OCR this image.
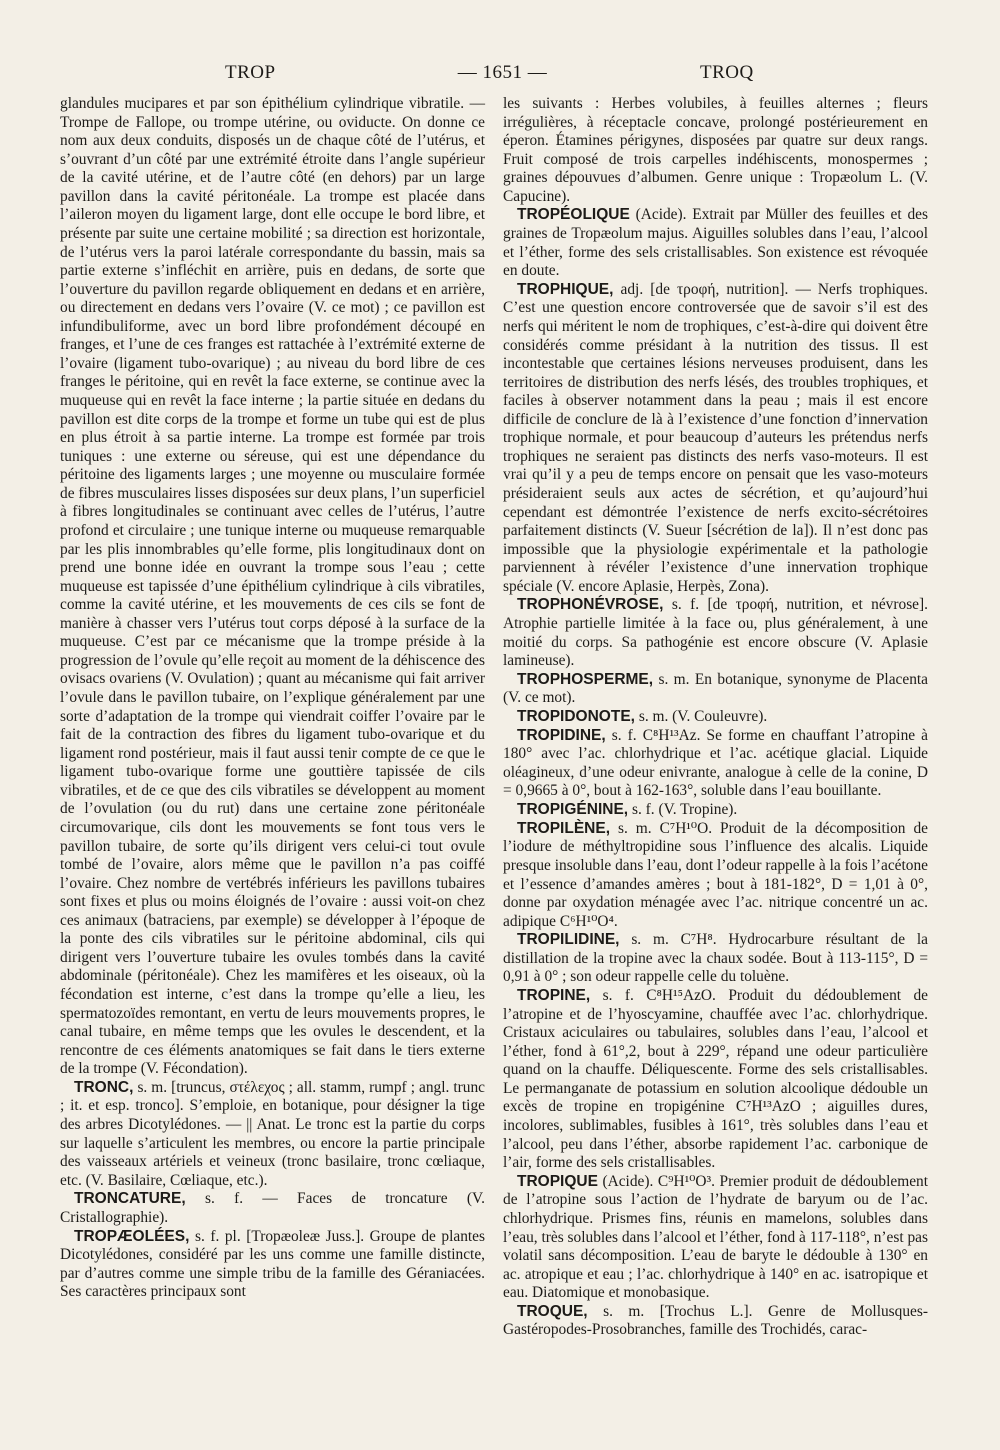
TROP	— 1651 —	TROQ

glandules mucipares et par son épithélium cylindrique vibratile. — Trompe de Fallope, ou trompe utérine, ou oviducte. On donne ce nom aux deux conduits, disposés un de chaque côté de l’utérus, et s’ouvrant d’un côté par une extrémité étroite dans l’angle supérieur de la cavité utérine, et de l’autre côté (en dehors) par un large pavillon dans la cavité péritonéale. La trompe est placée dans l’aileron moyen du ligament large, dont elle occupe le bord libre, et présente par suite une certaine mobilité ; sa direction est horizontale, de l’utérus vers la paroi latérale correspondante du bassin, mais sa partie externe s’infléchit en arrière, puis en dedans, de sorte que l’ouverture du pavillon regarde obliquement en dedans et en arrière, ou directement en dedans vers l’ovaire (V. ce mot) ; ce pavillon est infundibuliforme, avec un bord libre profondément découpé en franges, et l’une de ces franges est rattachée à l’extrémité externe de l’ovaire (ligament tubo-ovarique) ; au niveau du bord libre de ces franges le péritoine, qui en revêt la face externe, se continue avec la muqueuse qui en revêt la face interne ; la partie située en dedans du pavillon est dite corps de la trompe et forme un tube qui est de plus en plus étroit à sa partie interne. La trompe est formée par trois tuniques : une externe ou séreuse, qui est une dépendance du péritoine des ligaments larges ; une moyenne ou musculaire formée de fibres musculaires lisses disposées sur deux plans, l’un superficiel à fibres longitudinales se continuant avec celles de l’utérus, l’autre profond et circulaire ; une tunique interne ou muqueuse remarquable par les plis innombrables qu’elle forme, plis longitudinaux dont on prend une bonne idée en ouvrant la trompe sous l’eau ; cette muqueuse est tapissée d’une épithélium cylindrique à cils vibratiles, comme la cavité utérine, et les mouvements de ces cils se font de manière à chasser vers l’utérus tout corps déposé à la surface de la muqueuse. C’est par ce mécanisme que la trompe préside à la progression de l’ovule qu’elle reçoit au moment de la déhiscence des ovisacs ovariens (V. Ovulation) ; quant au mécanisme qui fait arriver l’ovule dans le pavillon tubaire, on l’explique généralement par une sorte d’adaptation de la trompe qui viendrait coiffer l’ovaire par le fait de la contraction des fibres du ligament tubo-ovarique et du ligament rond postérieur, mais il faut aussi tenir compte de ce que le ligament tubo-ovarique forme une gouttière tapissée de cils vibratiles, et de ce que des cils vibratiles se développent au moment de l’ovulation (ou du rut) dans une certaine zone péritonéale circumovarique, cils dont les mouvements se font tous vers le pavillon tubaire, de sorte qu’ils dirigent vers celui-ci tout ovule tombé de l’ovaire, alors même que le pavillon n’a pas coiffé l’ovaire. Chez nombre de vertébrés inférieurs les pavillons tubaires sont fixes et plus ou moins éloignés de l’ovaire : aussi voit-on chez ces animaux (batraciens, par exemple) se développer à l’époque de la ponte des cils vibratiles sur le péritoine abdominal, cils qui dirigent vers l’ouverture tubaire les ovules tombés dans la cavité abdominale (péritonéale). Chez les mamifères et les oiseaux, où la fécondation est interne, c’est dans la trompe qu’elle a lieu, les spermatozoïdes remontant, en vertu de leurs mouvements propres, le canal tubaire, en même temps que les ovules le descendent, et la rencontre de ces éléments anatomiques se fait dans le tiers externe de la trompe (V. Fécondation).

TRONC, s. m. [truncus, στέλεχος ; all. stamm, rumpf ; angl. trunc ; it. et esp. tronco]. S’emploie, en botanique, pour désigner la tige des arbres Dicotylédones. — || Anat. Le tronc est la partie du corps sur laquelle s’articulent les membres, ou encore la partie principale des vaisseaux artériels et veineux (tronc basilaire, tronc cœliaque, etc. (V. Basilaire, Cœliaque, etc.).

TRONCATURE, s. f. — Faces de troncature (V. Cristallographie).

TROPÆOLÉES, s. f. pl. [Tropæoleæ Juss.]. Groupe de plantes Dicotylédones, considéré par les uns comme une famille distincte, par d’autres comme une simple tribu de la famille des Géraniacées. Ses caractères principaux sont

les suivants : Herbes volubiles, à feuilles alternes ; fleurs irrégulières, à réceptacle concave, prolongé postérieurement en éperon. Étamines périgynes, disposées par quatre sur deux rangs. Fruit composé de trois carpelles indéhiscents, monospermes ; graines dépouvues d’albumen. Genre unique : Tropæolum L. (V. Capucine).

TROPÉOLIQUE (Acide). Extrait par Müller des feuilles et des graines de Tropæolum majus. Aiguilles solubles dans l’eau, l’alcool et l’éther, forme des sels cristallisables. Son existence est révoquée en doute.

TROPHIQUE, adj. [de τροφή, nutrition]. — Nerfs trophiques. C’est une question encore controversée que de savoir s’il est des nerfs qui méritent le nom de trophiques, c’est-à-dire qui doivent être considérés comme présidant à la nutrition des tissus. Il est incontestable que certaines lésions nerveuses produisent, dans les territoires de distribution des nerfs lésés, des troubles trophiques, et faciles à observer notamment dans la peau ; mais il est encore difficile de conclure de là à l’existence d’une fonction d’innervation trophique normale, et pour beaucoup d’auteurs les prétendus nerfs trophiques ne seraient pas distincts des nerfs vaso-moteurs. Il est vrai qu’il y a peu de temps encore on pensait que les vaso-moteurs présideraient seuls aux actes de sécrétion, et qu’aujourd’hui cependant est démontrée l’existence de nerfs excito-sécrétoires parfaitement distincts (V. Sueur [sécrétion de la]). Il n’est donc pas impossible que la physiologie expérimentale et la pathologie parviennent à révéler l’existence d’une innervation trophique spéciale (V. encore Aplasie, Herpès, Zona).

TROPHONÉVROSE, s. f. [de τροφή, nutrition, et névrose]. Atrophie partielle limitée à la face ou, plus généralement, à une moitié du corps. Sa pathogénie est encore obscure (V. Aplasie lamineuse).

TROPHOSPERME, s. m. En botanique, synonyme de Placenta (V. ce mot).

TROPIDONOTE, s. m. (V. Couleuvre).

TROPIDINE, s. f. C⁸H¹³Az. Se forme en chauffant l’atropine à 180° avec l’ac. chlorhydrique et l’ac. acétique glacial. Liquide oléagineux, d’une odeur enivrante, analogue à celle de la conine, D = 0,9665 à 0°, bout à 162-163°, soluble dans l’eau bouillante.

TROPIGÉNINE, s. f. (V. Tropine).

TROPILÈNE, s. m. C⁷H¹⁰O. Produit de la décomposition de l’iodure de méthyltropidine sous l’influence des alcalis. Liquide presque insoluble dans l’eau, dont l’odeur rappelle à la fois l’acétone et l’essence d’amandes amères ; bout à 181-182°, D = 1,01 à 0°, donne par oxydation ménagée avec l’ac. nitrique concentré un ac. adipique C⁶H¹⁰O⁴.

TROPILIDINE, s. m. C⁷H⁸. Hydrocarbure résultant de la distillation de la tropine avec la chaux sodée. Bout à 113-115°, D = 0,91 à 0° ; son odeur rappelle celle du toluène.

TROPINE, s. f. C⁸H¹⁵AzO. Produit du dédoublement de l’atropine et de l’hyoscyamine, chauffée avec l’ac. chlorhydrique. Cristaux aciculaires ou tabulaires, solubles dans l’eau, l’alcool et l’éther, fond à 61°,2, bout à 229°, répand une odeur particulière quand on la chauffe. Déliquescente. Forme des sels cristallisables. Le permanganate de potassium en solution alcoolique dédouble un excès de tropine en tropigénine C⁷H¹³AzO ; aiguilles dures, incolores, sublimables, fusibles à 161°, très solubles dans l’eau et l’alcool, peu dans l’éther, absorbe rapidement l’ac. carbonique de l’air, forme des sels cristallisables.

TROPIQUE (Acide). C⁹H¹⁰O³. Premier produit de dédoublement de l’atropine sous l’action de l’hydrate de baryum ou de l’ac. chlorhydrique. Prismes fins, réunis en mamelons, solubles dans l’eau, très solubles dans l’alcool et l’éther, fond à 117-118°, n’est pas volatil sans décomposition. L’eau de baryte le dédouble à 130° en ac. atropique et eau ; l’ac. chlorhydrique à 140° en ac. isatropique et eau. Diatomique et monobasique.

TROQUE, s. m. [Trochus L.]. Genre de Mollusques-Gastéropodes-Prosobranches, famille des Trochidés, carac-
